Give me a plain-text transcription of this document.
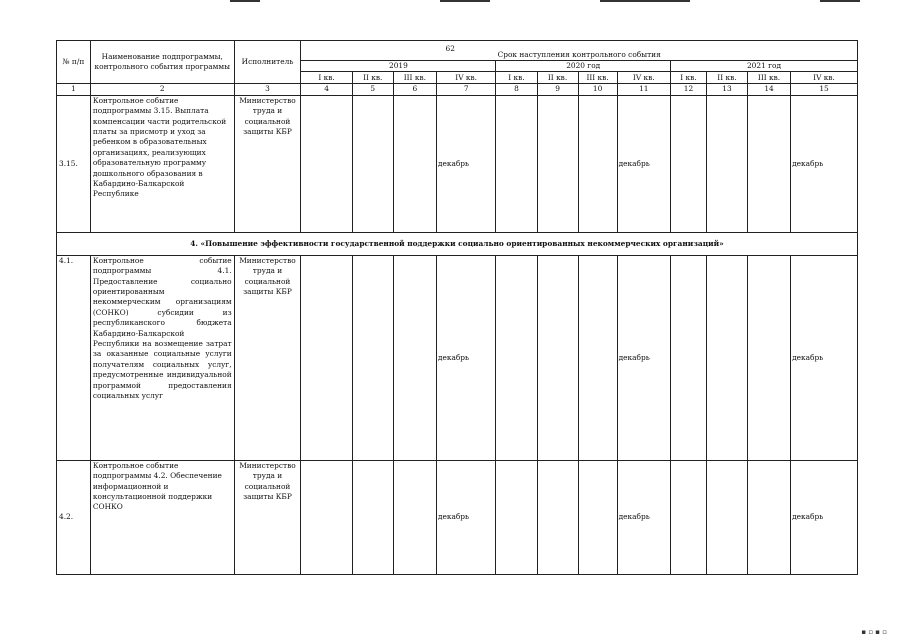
№ п/п	Наименование подпрограммы, контрольного события программы	Исполнитель	62
Срок наступления контрольного события											
			2019				2020 год				2021 год			
			I кв.	II кв.	III кв.	IV кв.	I кв.	II кв.	III кв.	IV кв.	I кв.	II кв.	III кв.	IV кв.
1	2	3	4	5	6	7	8	9	10	11	12	13	14	15
3.15.	Контрольное событие подпрограммы 3.15. Выплата компенсации части родительской платы за присмотр и уход за ребенком в образовательных организациях, реализующих образовательную программу дошкольного образования в Кабардино-Балкарской Республике	Министерство труда и социальной защиты КБР				декабрь				декабрь				декабрь
4. «Повышение эффективности государственной поддержки социально ориентированных некоммерческих организаций»														
4.1.	Контрольное событие подпрограммы 4.1. Предоставление социально ориентированным некоммерческим организациям (СОНКО) субсидии из республиканского бюджета Кабардино-Балкарской Республики на возмещение затрат за оказанные социальные услуги получателям социальных услуг, предусмотренные индивидуальной программой предоставления социальных услуг	Министерство труда и социальной защиты КБР				декабрь				декабрь				декабрь
4.2.	Контрольное событие подпрограммы 4.2. Обеспечение информационной и консультационной поддержки СОНКО	Министерство труда и социальной защиты КБР				декабрь				декабрь				декабрь
▪ ▫ ▪ ▫
